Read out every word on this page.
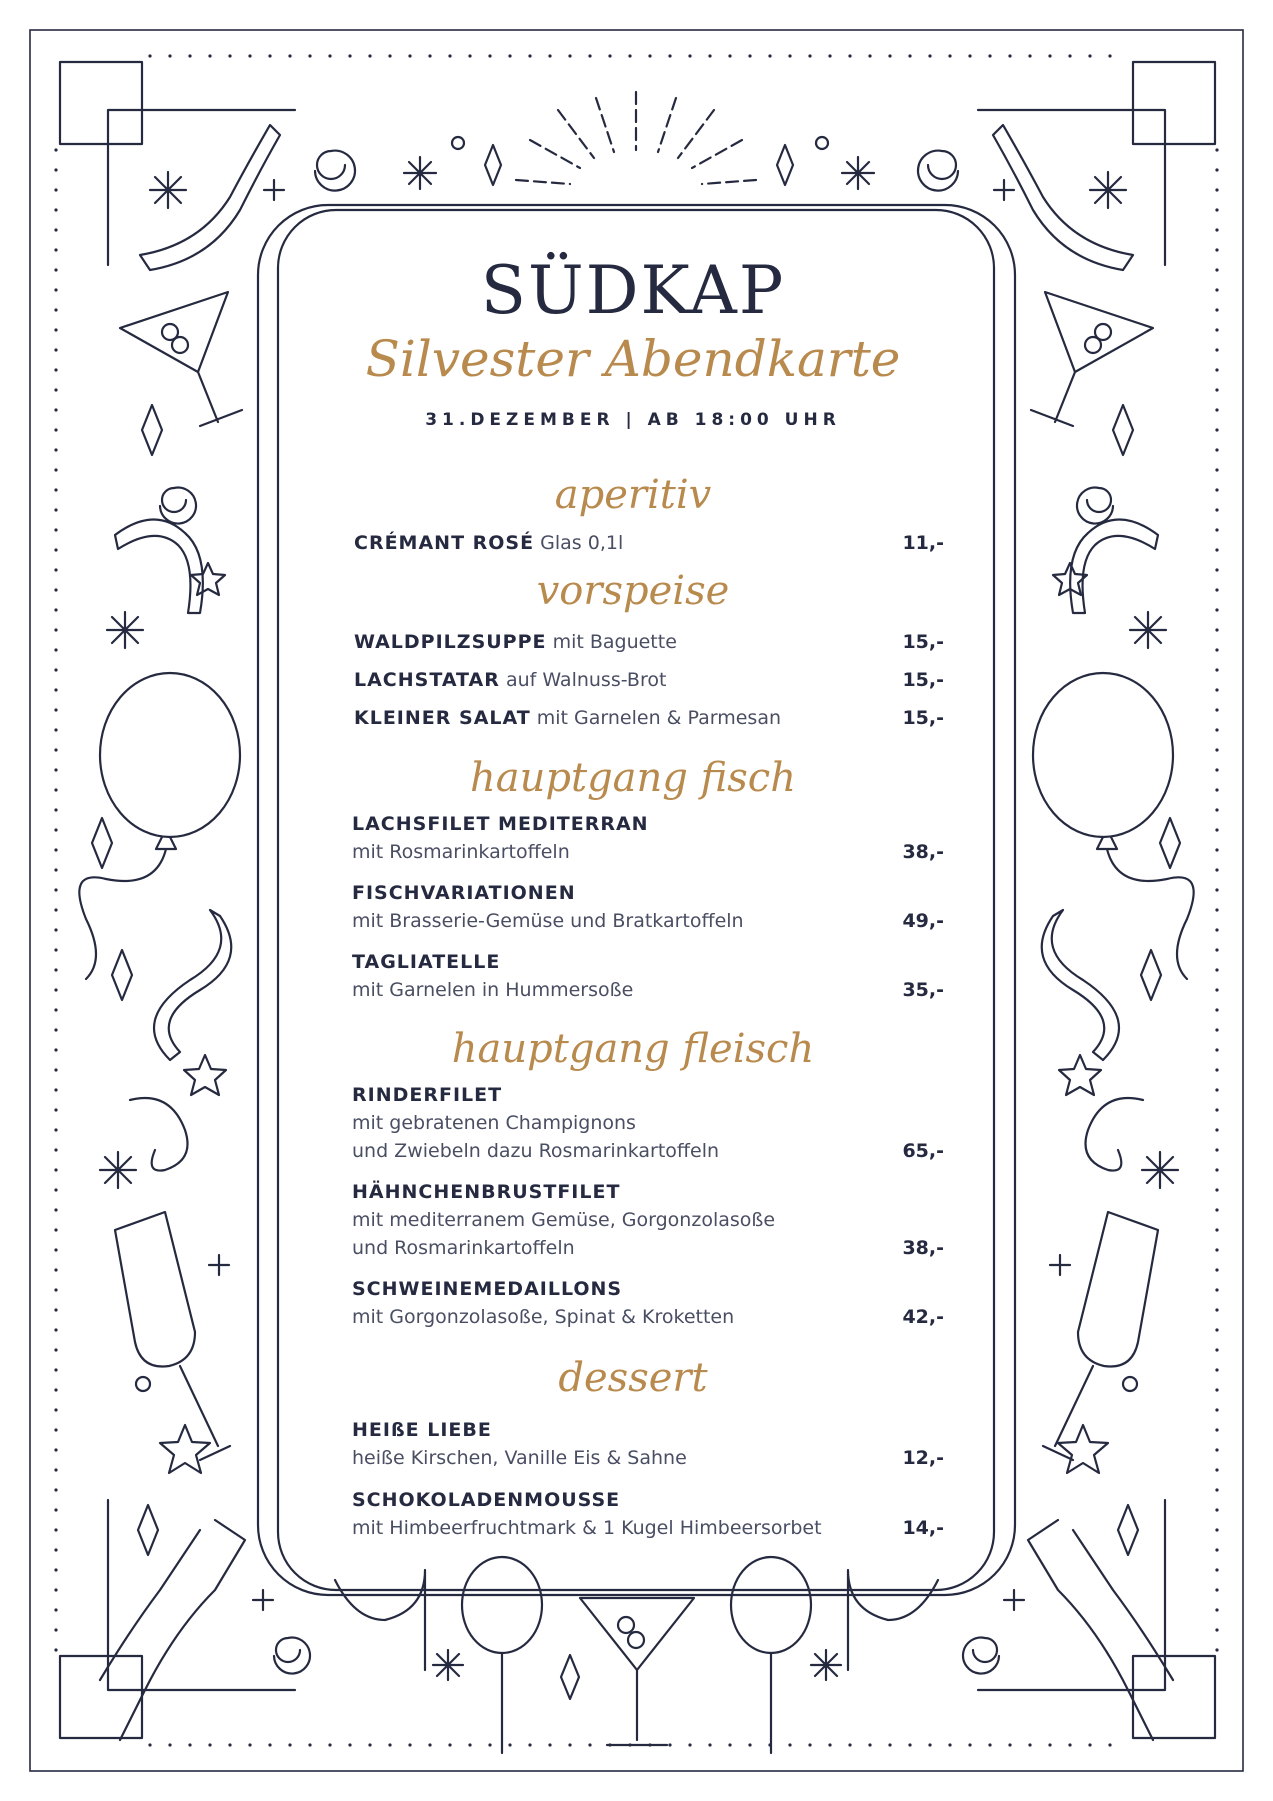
SÜDKAP
Silvester Abendkarte
31.DEZEMBER | AB 18:00 UHR
aperitiv
CRÉMANT ROSÉ Glas 0,1l	11,-
vorspeise
WALDPILZSUPPE mit Baguette	15,-
LACHSTATAR auf Walnuss-Brot	15,-
KLEINER SALAT mit Garnelen & Parmesan	15,-
hauptgang fisch
LACHSFILET MEDITERRAN
mit Rosmarinkartoffeln	38,-
FISCHVARIATIONEN
mit Brasserie-Gemüse und Bratkartoffeln	49,-
TAGLIATELLE
mit Garnelen in Hummersoße	35,-
hauptgang fleisch
RINDERFILET
mit gebratenen Champignons
und Zwiebeln dazu Rosmarinkartoffeln	65,-
HÄHNCHENBRUSTFILET
mit mediterranem Gemüse, Gorgonzolasoße
und Rosmarinkartoffeln	38,-
SCHWEINEMEDAILLONS
mit Gorgonzolasoße, Spinat & Kroketten	42,-
dessert
HEIßE LIEBE
heiße Kirschen, Vanille Eis & Sahne	12,-
SCHOKOLADENMOUSSE
mit Himbeerfruchtmark & 1 Kugel Himbeersorbet	14,-
